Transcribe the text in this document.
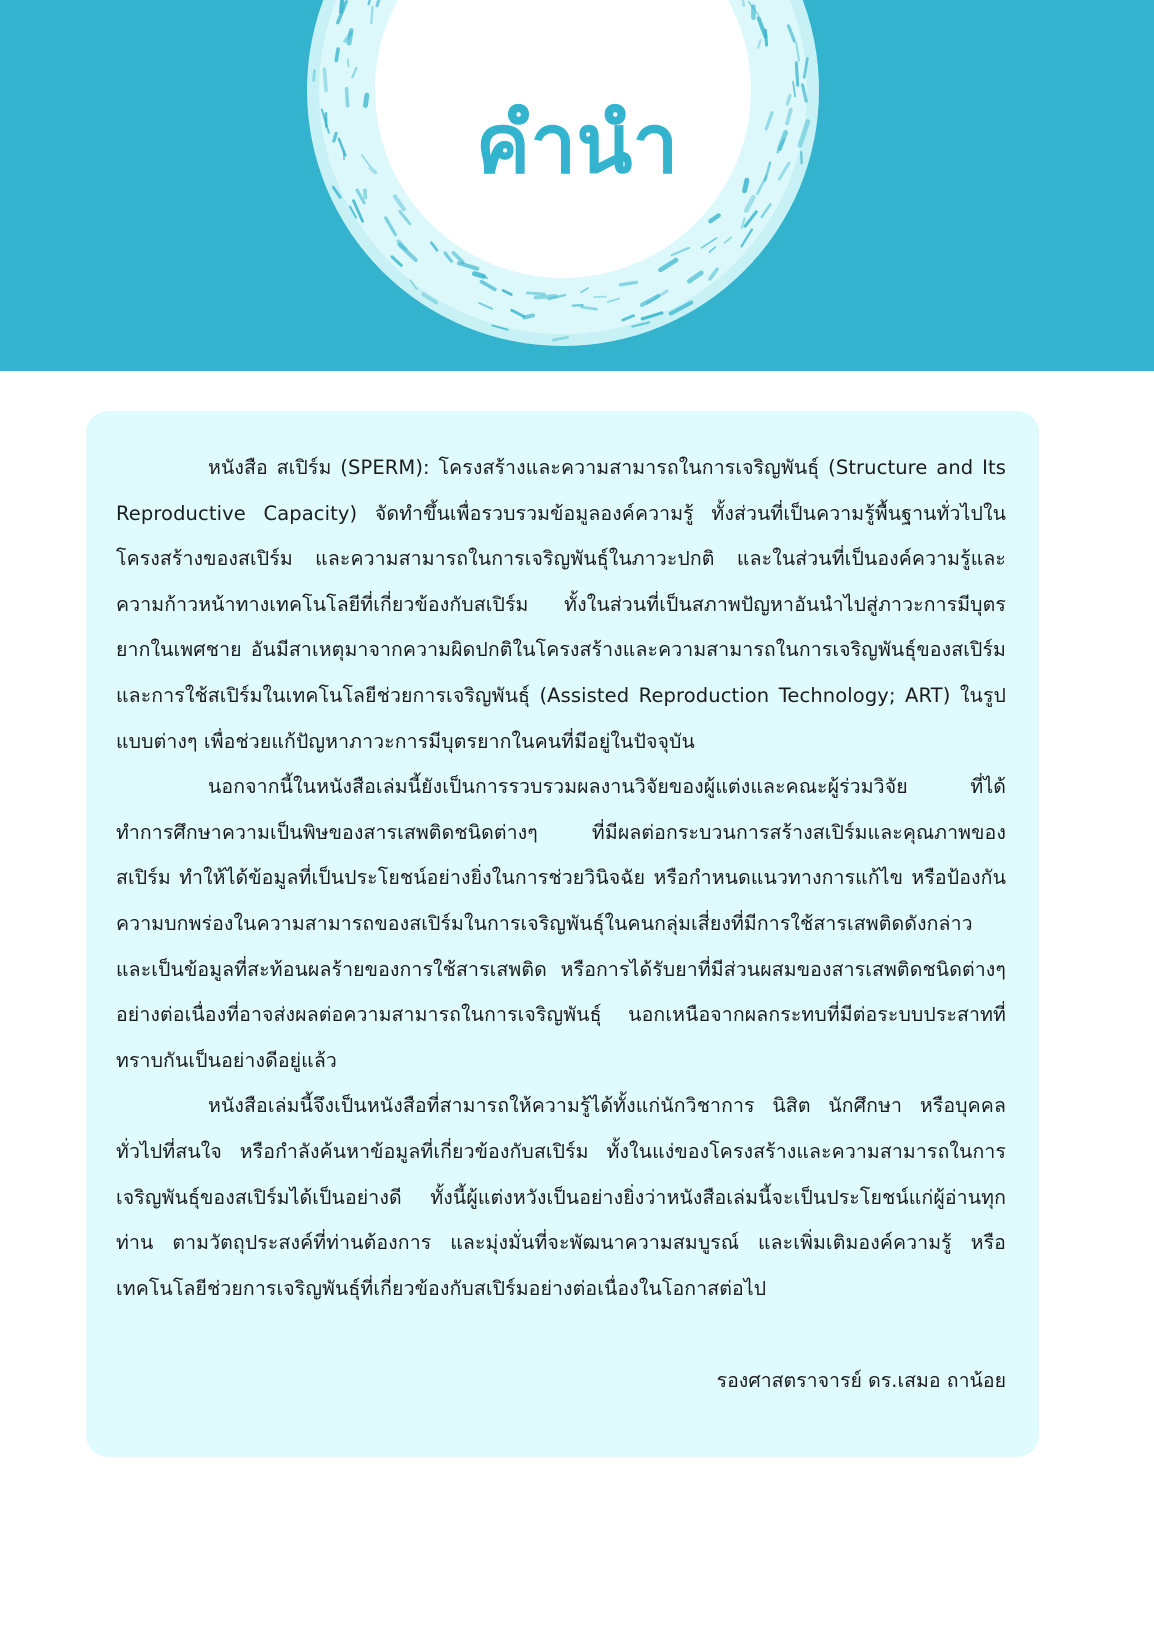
คำนำ

หนังสือ สเปิร์ม (SPERM): โครงสร้างและความสามารถในการเจริญพันธุ์ (Structure and Its Reproductive Capacity) จัดทำขึ้นเพื่อรวบรวมข้อมูลองค์ความรู้ ทั้งส่วนที่เป็นความรู้พื้นฐานทั่วไปในโครงสร้างของสเปิร์ม และความสามารถในการเจริญพันธุ์ในภาวะปกติ และในส่วนที่เป็นองค์ความรู้และความก้าวหน้าทางเทคโนโลยีที่เกี่ยวข้องกับสเปิร์ม ทั้งในส่วนที่เป็นสภาพปัญหาอันนำไปสู่ภาวะการมีบุตรยากในเพศชาย อันมีสาเหตุมาจากความผิดปกติในโครงสร้างและความสามารถในการเจริญพันธุ์ของสเปิร์ม และการใช้สเปิร์มในเทคโนโลยีช่วยการเจริญพันธุ์ (Assisted Reproduction Technology; ART) ในรูปแบบต่างๆ เพื่อช่วยแก้ปัญหาภาวะการมีบุตรยากในคนที่มีอยู่ในปัจจุบัน

นอกจากนี้ในหนังสือเล่มนี้ยังเป็นการรวบรวมผลงานวิจัยของผู้แต่งและคณะผู้ร่วมวิจัย ที่ได้ทำการศึกษาความเป็นพิษของสารเสพติดชนิดต่างๆ ที่มีผลต่อกระบวนการสร้างสเปิร์มและคุณภาพของสเปิร์ม ทำให้ได้ข้อมูลที่เป็นประโยชน์อย่างยิ่งในการช่วยวินิจฉัย หรือกำหนดแนวทางการแก้ไข หรือป้องกันความบกพร่องในความสามารถของสเปิร์มในการเจริญพันธุ์ในคนกลุ่มเสี่ยงที่มีการใช้สารเสพติดดังกล่าว และเป็นข้อมูลที่สะท้อนผลร้ายของการใช้สารเสพติด หรือการได้รับยาที่มีส่วนผสมของสารเสพติดชนิดต่างๆ อย่างต่อเนื่องที่อาจส่งผลต่อความสามารถในการเจริญพันธุ์ นอกเหนือจากผลกระทบที่มีต่อระบบประสาทที่ทราบกันเป็นอย่างดีอยู่แล้ว

หนังสือเล่มนี้จึงเป็นหนังสือที่สามารถให้ความรู้ได้ทั้งแก่นักวิชาการ นิสิต นักศึกษา หรือบุคคลทั่วไปที่สนใจ หรือกำลังค้นหาข้อมูลที่เกี่ยวข้องกับสเปิร์ม ทั้งในแง่ของโครงสร้างและความสามารถในการเจริญพันธุ์ของสเปิร์มได้เป็นอย่างดี ทั้งนี้ผู้แต่งหวังเป็นอย่างยิ่งว่าหนังสือเล่มนี้จะเป็นประโยชน์แก่ผู้อ่านทุกท่าน ตามวัตถุประสงค์ที่ท่านต้องการ และมุ่งมั่นที่จะพัฒนาความสมบูรณ์ และเพิ่มเติมองค์ความรู้ หรือเทคโนโลยีช่วยการเจริญพันธุ์ที่เกี่ยวข้องกับสเปิร์มอย่างต่อเนื่องในโอกาสต่อไป

รองศาสตราจารย์ ดร.เสมอ ถาน้อย
